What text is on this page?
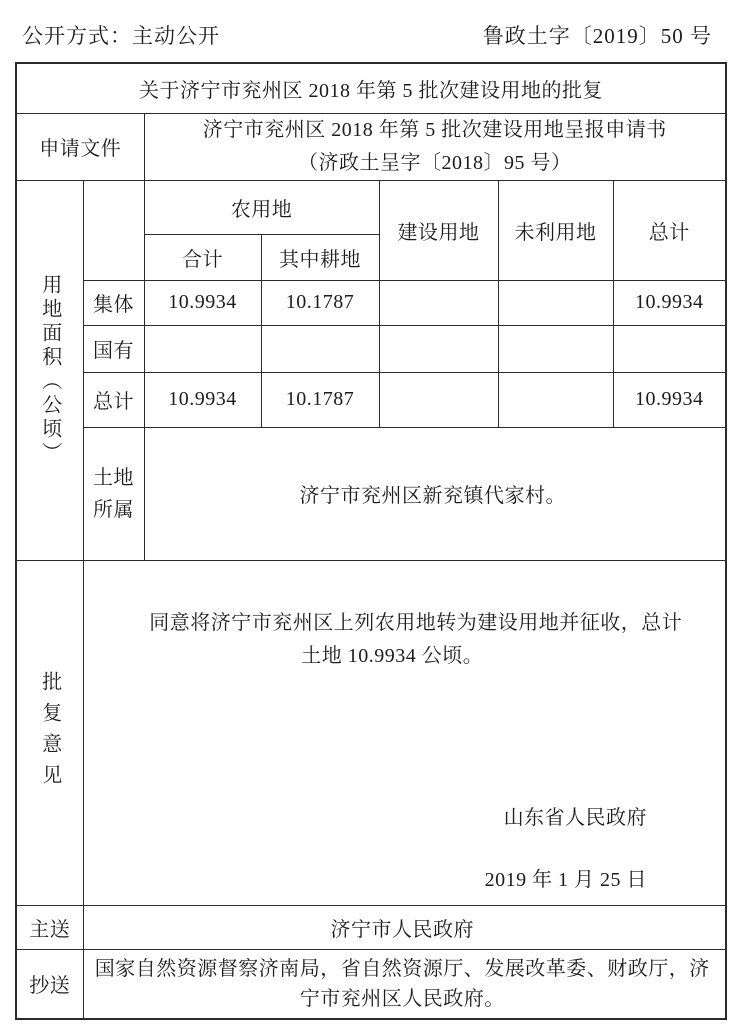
公开方式：主动公开	鲁政土字〔2019〕50 号
关于济宁市兖州区 2018 年第 5 批次建设用地的批复						
申请文件		济宁市兖州区 2018 年第 5 批次建设用地呈报申请书
（济政土呈字〔2018〕95 号）				

用地面积（公顷）		农用地		建设用地	未利用地	总计
		合计	其中耕地			
	集体	10.9934	10.1787			10.9934
	国有					
	总计	10.9934	10.1787			10.9934

	土地所属	济宁市兖州区新兖镇代家村。				

批复意见	同意将济宁市兖州区上列农用地转为建设用地并征收，总计土地 10.9934 公顷。
山东省人民政府
2019 年 1 月 25 日					

主送	济宁市人民政府					
抄送	国家自然资源督察济南局，省自然资源厅、发展改革委、财政厅，济宁市兖州区人民政府。					
